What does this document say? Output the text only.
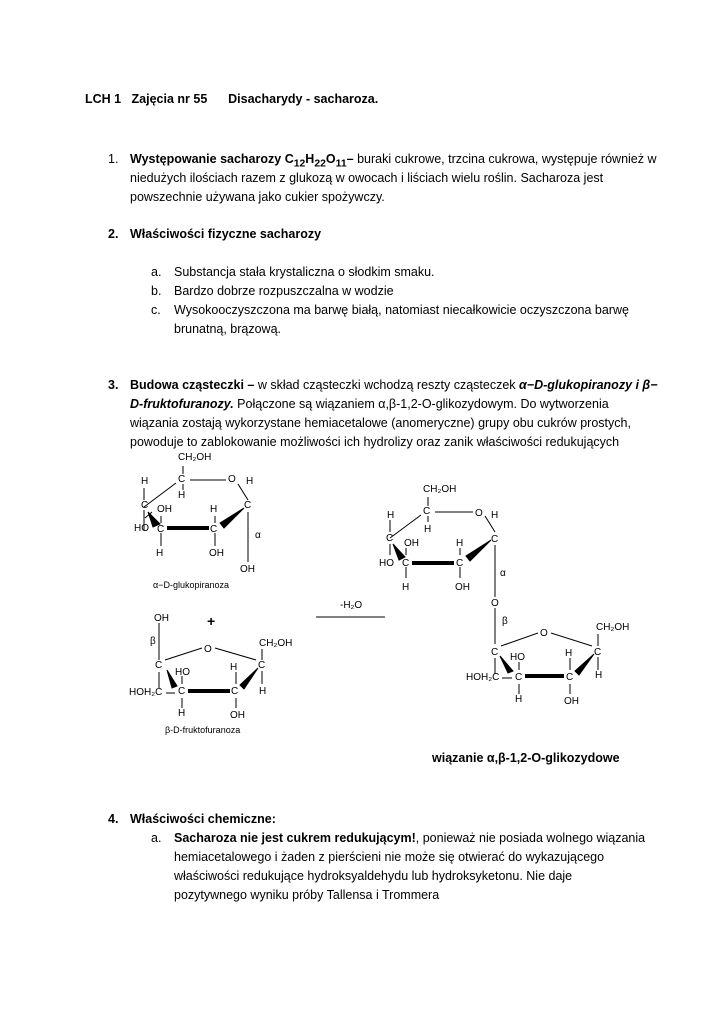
LCH 1 Zajęcia nr 55 Disacharydy - sacharoza.
1. Występowanie sacharozy $C_{12}H_{22}O_{11}-$ buraki cukrowe, trzcina cukrowa, występuje również w
niedużych ilościach razem z glukozą w owocach i liściach wielu roślin. Sacharoza jest
powszechnie używana jako cukier spożywczy.
2. Właściwości fizyczne sacharozy
a. Substancja stała krystaliczna o słodkim smaku.
b. Bardzo dobrze rozpuszczalna w wodzie
c. Wysokooczyszczona ma barwę białą, natomiast niecałkowicie oczyszczona barwę
brunatną, brązową.
3. Budowa cząsteczki – w skład cząsteczki wchodzą reszty cząsteczek α−D-glukopiranozy i β−
D-fruktofuranozy. Połączone są wiązaniem α,β-1,2-O-glikozydowym. Do wytworzenia
wiązania zostają wykorzystane hemiacetalowe (anomeryczne) grupy obu cukrów prostych,
powoduje to zablokowanie możliwości ich hydrolizy oraz zanik właściwości redukujących
CH₂OH
C	O
H	H
H
C	C
OH	H
HO C	C
α
H	OH
OH
α−D-glukopiranoza
OH	+
β
O
CH₂OH
C	C
HO	H
HOH₂C C	C H
H	OH
β-D-fruktofuranoza
-H₂O
CH₂OH
C	O
H	H
H
C	C
OH	H
HO C	C
α
H	OH
O
β
O
CH₂OH
C	C
HO	H
HOH₂C C	C H
H	OH
wiązanie α,β-1,2-O-glikozydowe
4. Właściwości chemiczne:
a. Sacharoza nie jest cukrem redukującym!, ponieważ nie posiada wolnego wiązania
hemiacetalowego i żaden z pierścieni nie może się otwierać do wykazującego
właściwości redukujące hydroksyaldehydu lub hydroksyketonu. Nie daje
pozytywnego wyniku próby Tallensa i Trommera
